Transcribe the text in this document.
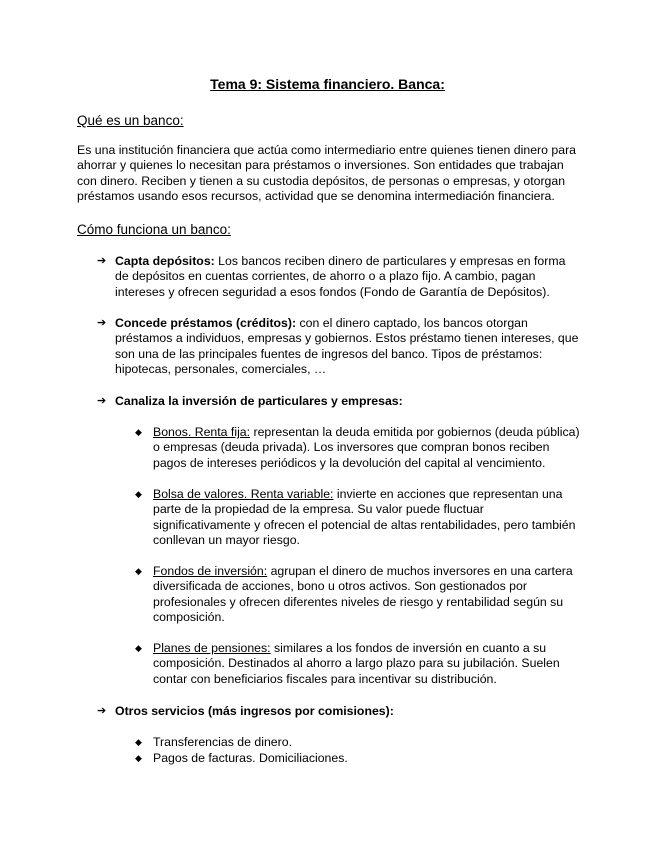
Tema 9: Sistema financiero. Banca:
Qué es un banco:
Es una institución financiera que actúa como intermediario entre quienes tienen dinero para ahorrar y quienes lo necesitan para préstamos o inversiones. Son entidades que trabajan con dinero. Reciben y tienen a su custodia depósitos, de personas o empresas, y otorgan préstamos usando esos recursos, actividad que se denomina intermediación financiera.
Cómo funciona un banco:
➔ Capta depósitos: Los bancos reciben dinero de particulares y empresas en forma de depósitos en cuentas corrientes, de ahorro o a plazo fijo. A cambio, pagan intereses y ofrecen seguridad a esos fondos (Fondo de Garantía de Depósitos).
➔ Concede préstamos (créditos): con el dinero captado, los bancos otorgan préstamos a individuos, empresas y gobiernos. Estos préstamo tienen intereses, que son una de las principales fuentes de ingresos del banco. Tipos de préstamos: hipotecas, personales, comerciales, …
➔ Canaliza la inversión de particulares y empresas:
◆ Bonos. Renta fija: representan la deuda emitida por gobiernos (deuda pública) o empresas (deuda privada). Los inversores que compran bonos reciben pagos de intereses periódicos y la devolución del capital al vencimiento.
◆ Bolsa de valores. Renta variable: invierte en acciones que representan una parte de la propiedad de la empresa. Su valor puede fluctuar significativamente y ofrecen el potencial de altas rentabilidades, pero también conllevan un mayor riesgo.
◆ Fondos de inversión: agrupan el dinero de muchos inversores en una cartera diversificada de acciones, bono u otros activos. Son gestionados por profesionales y ofrecen diferentes niveles de riesgo y rentabilidad según su composición.
◆ Planes de pensiones: similares a los fondos de inversión en cuanto a su composición. Destinados al ahorro a largo plazo para su jubilación. Suelen contar con beneficiarios fiscales para incentivar su distribución.
➔ Otros servicios (más ingresos por comisiones):
◆ Transferencias de dinero.
◆ Pagos de facturas. Domiciliaciones.
